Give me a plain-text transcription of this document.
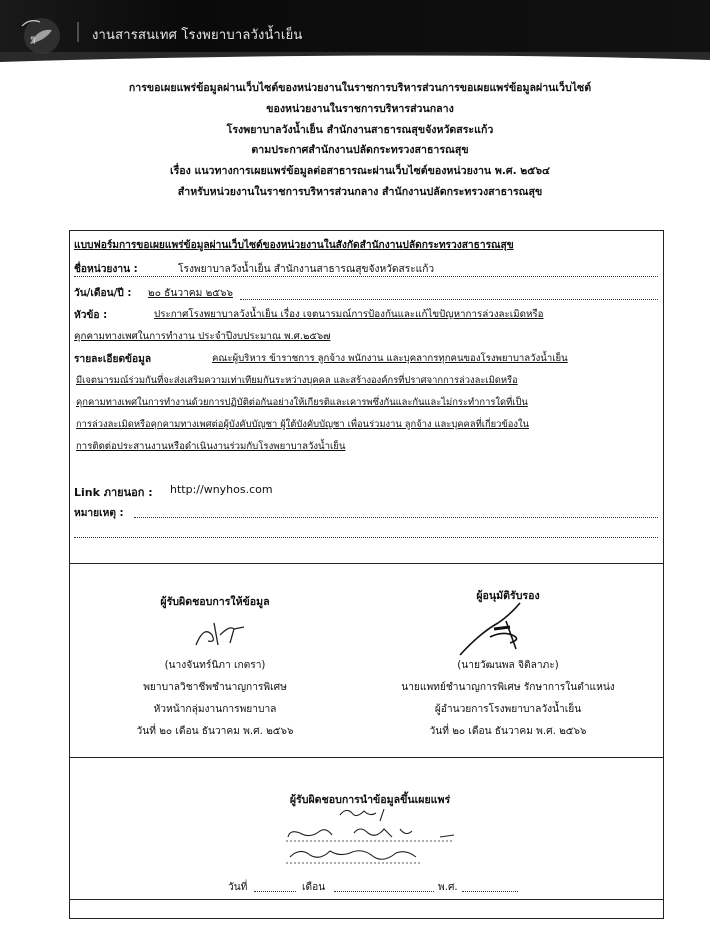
ๆ	งานสารสนเทศ โรงพยาบาลวังน้ำเย็น
การขอเผยแพร่ข้อมูลผ่านเว็บไซต์ของหน่วยงานในราชการบริหารส่วนการขอเผยแพร่ข้อมูลผ่านเว็บไซต์
ของหน่วยงานในราชการบริหารส่วนกลาง
โรงพยาบาลวังน้ำเย็น สำนักงานสาธารณสุขจังหวัดสระแก้ว
ตามประกาศสำนักงานปลัดกระทรวงสาธารณสุข
เรื่อง แนวทางการเผยแพร่ข้อมูลต่อสาธารณะผ่านเว็บไซต์ของหน่วยงาน พ.ศ. ๒๕๖๔
สำหรับหน่วยงานในราชการบริหารส่วนกลาง สำนักงานปลัดกระทรวงสาธารณสุข
แบบฟอร์มการขอเผยแพร่ข้อมูลผ่านเว็บไซต์ของหน่วยงานในสังกัดสำนักงานปลัดกระทรวงสาธารณสุข
ชื่อหน่วยงาน :	โรงพยาบาลวังน้ำเย็น สำนักงานสาธารณสุขจังหวัดสระแก้ว
วัน/เดือน/ปี : ๒๐ ธันวาคม ๒๕๖๖
หัวข้อ :	ประกาศโรงพยาบาลวังน้ำเย็น เรื่อง เจตนารมณ์การป้องกันและแก้ไขปัญหาการล่วงละเมิดหรือ
คุกคามทางเพศในการทำงาน ประจำปีงบประมาณ พ.ศ.๒๕๖๗
รายละเอียดข้อมูล	คณะผู้บริหาร ข้าราชการ ลูกจ้าง พนักงาน และบุคลากรทุกคนของโรงพยาบาลวังน้ำเย็น
มีเจตนารมณ์ร่วมกันที่จะส่งเสริมความเท่าเทียมกันระหว่างบุคคล และสร้างองค์กรที่ปราศจากการล่วงละเมิดหรือ
คุกคามทางเพศในการทำงานด้วยการปฏิบัติต่อกันอย่างให้เกียรติและเคารพซึ่งกันและกันและไม่กระทำการใดที่เป็น
การล่วงละเมิดหรือคุกคามทางเพศต่อผู้บังคับบัญชา ผู้ใต้บังคับบัญชา เพื่อนร่วมงาน ลูกจ้าง และบุคคลที่เกี่ยวข้องใน
การติดต่อประสานงานหรือดำเนินงานร่วมกับโรงพยาบาลวังน้ำเย็น
Link ภายนอก : http://wnyhos.com
หมายเหตุ :
ผู้รับผิดชอบการให้ข้อมูล
(นางจันทร์นิภา เกตรา)
พยาบาลวิชาชีพชำนาญการพิเศษ
หัวหน้ากลุ่มงานการพยาบาล
วันที่ ๒๐ เดือน ธันวาคม พ.ศ. ๒๕๖๖
ผู้อนุมัติรับรอง
(นายวัฒนพล จิติลาภะ)
นายแพทย์ชำนาญการพิเศษ รักษาการในตำแหน่ง
ผู้อำนวยการโรงพยาบาลวังน้ำเย็น
วันที่ ๒๐ เดือน ธันวาคม พ.ศ. ๒๕๖๖
ผู้รับผิดชอบการนำข้อมูลขึ้นเผยแพร่
วันที่	เดือน	พ.ศ.
